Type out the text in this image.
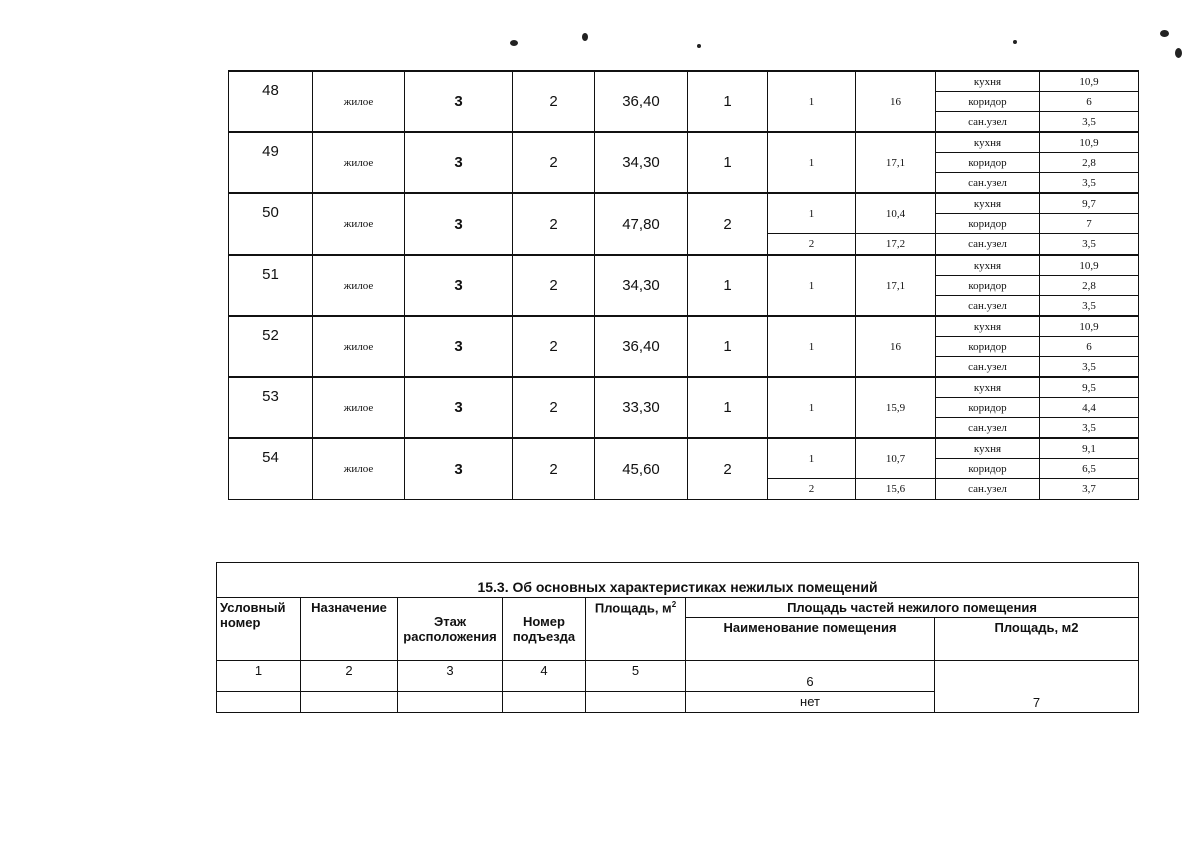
48	жилое	3	2	36,40	1	1	16	кухня	10,9
								коридор	6
								сан.узел	3,5
49	жилое	3	2	34,30	1	1	17,1	кухня	10,9
								коридор	2,8
								сан.узел	3,5
50	жилое	3	2	47,80	2	1	10,4	кухня	9,7
								коридор	7
						2	17,2	сан.узел	3,5
51	жилое	3	2	34,30	1	1	17,1	кухня	10,9
								коридор	2,8
								сан.узел	3,5
52	жилое	3	2	36,40	1	1	16	кухня	10,9
								коридор	6
								сан.узел	3,5
53	жилое	3	2	33,30	1	1	15,9	кухня	9,5
								коридор	4,4
								сан.узел	3,5
54	жилое	3	2	45,60	2	1	10,7	кухня	9,1
								коридор	6,5
						2	15,6	сан.узел	3,7
15.3. Об основных характеристиках нежилых помещений						
Условный номер	Назначение	Этаж расположения	Номер подъезда	Площадь, $м^2$	Площадь частей нежилого помещения	
					Наименование помещения	Площадь, м2

1	2	3	4	5	6	7
					нет	
